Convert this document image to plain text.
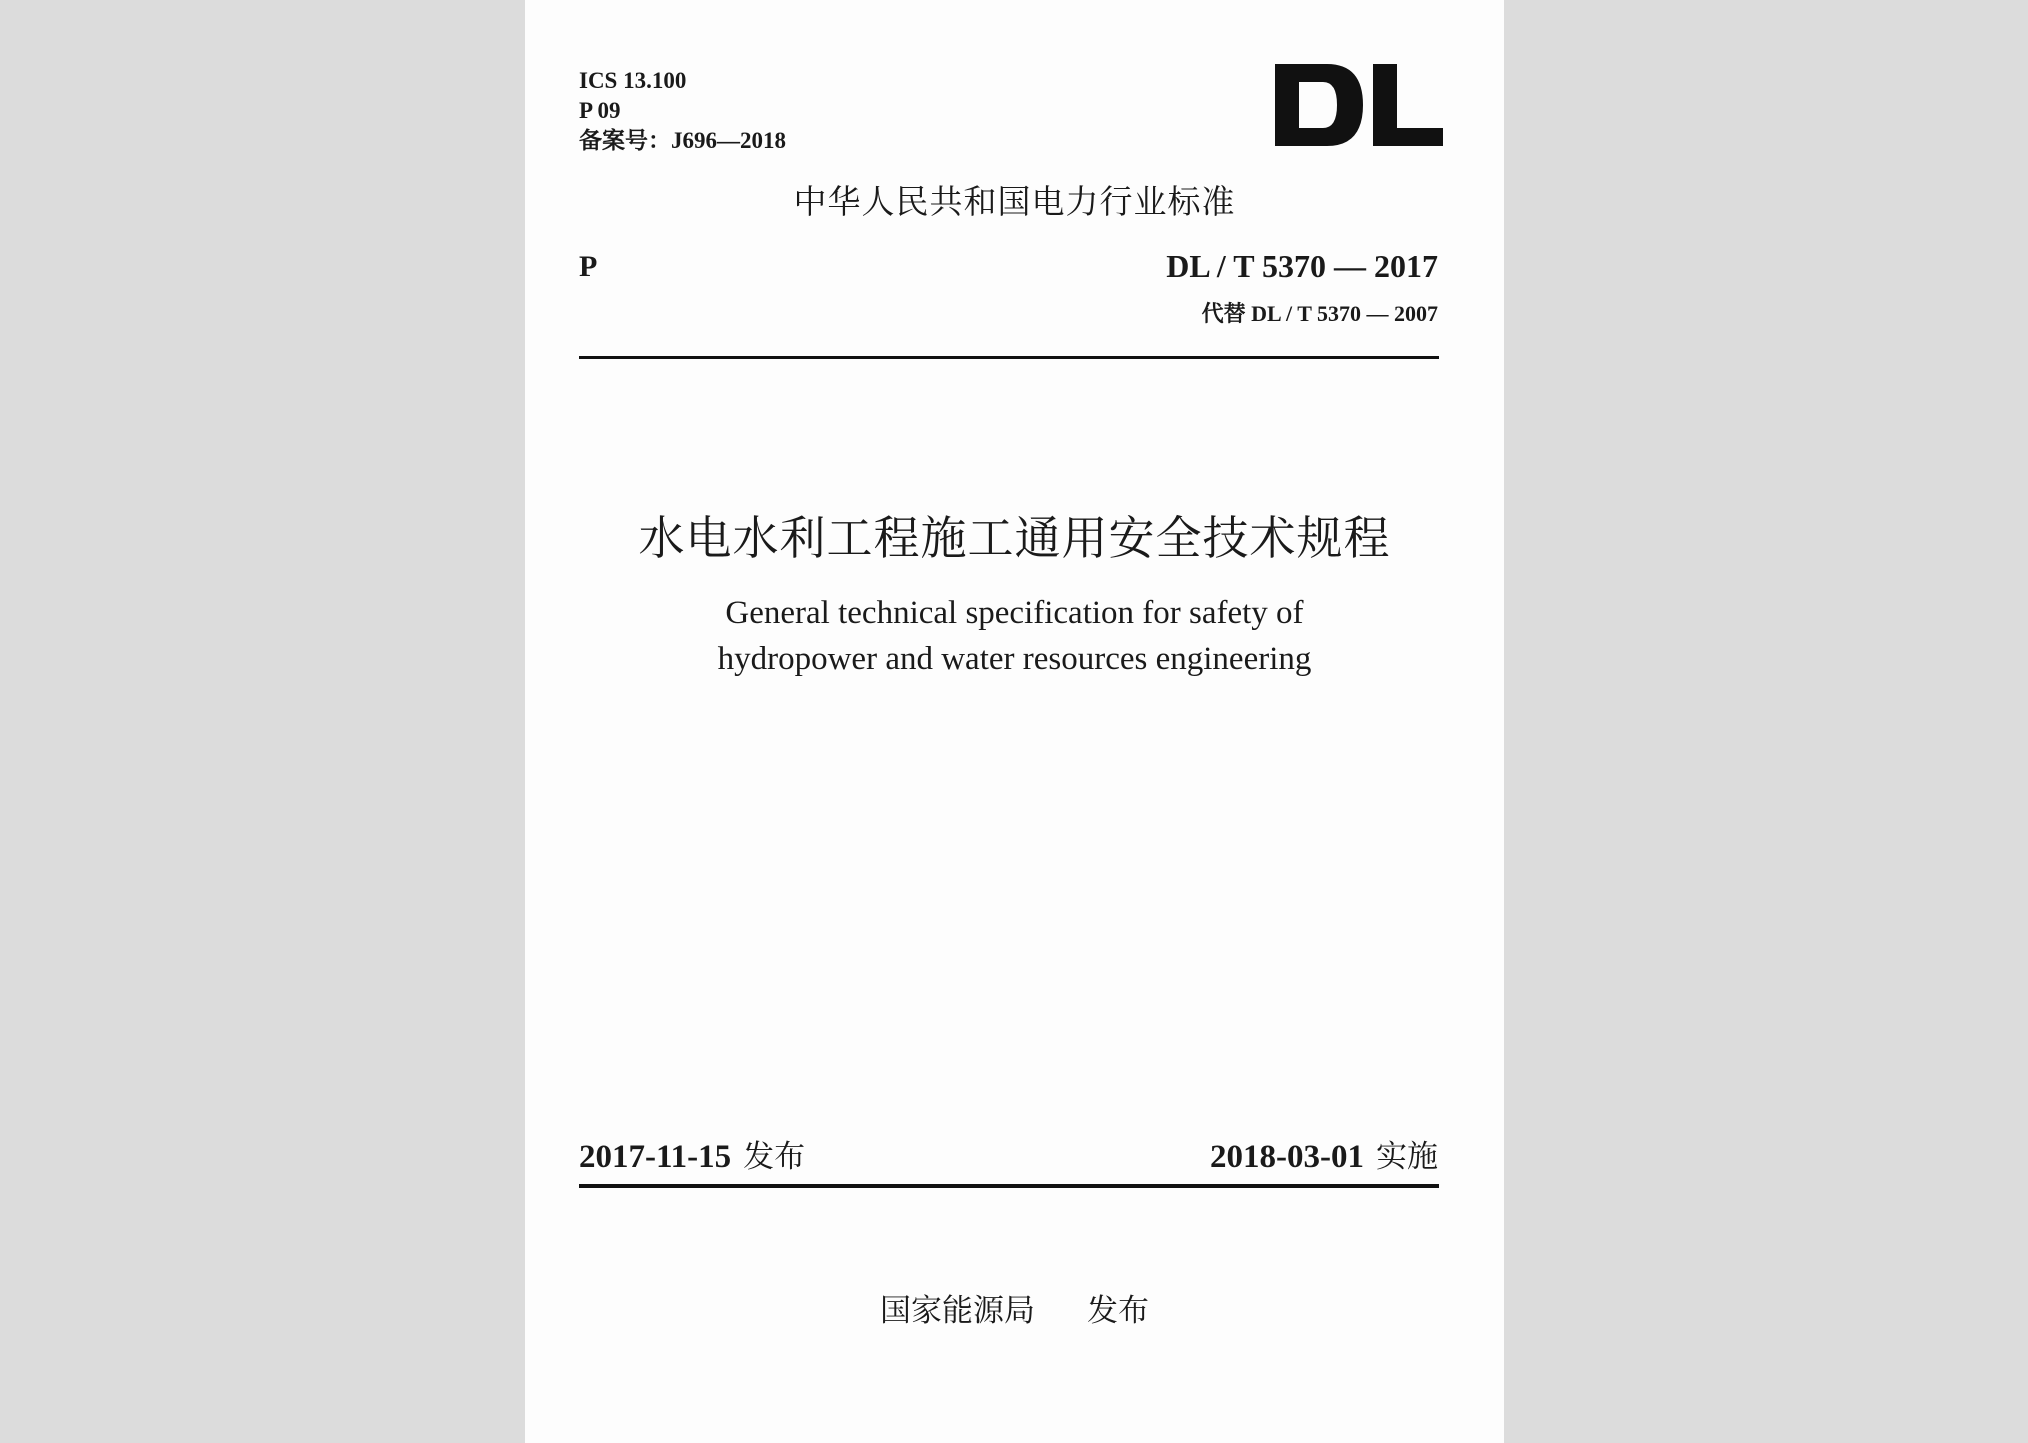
ICS 13.100
P 09
备案号：J696—2018
中华人民共和国电力行业标准
P	DL / T 5370 — 2017
代替 DL / T 5370 — 2007
水电水利工程施工通用安全技术规程
General technical specification for safety of
hydropower and water resources engineering
2017-11-15 发布	2018-03-01 实施
国家能源局 发布
